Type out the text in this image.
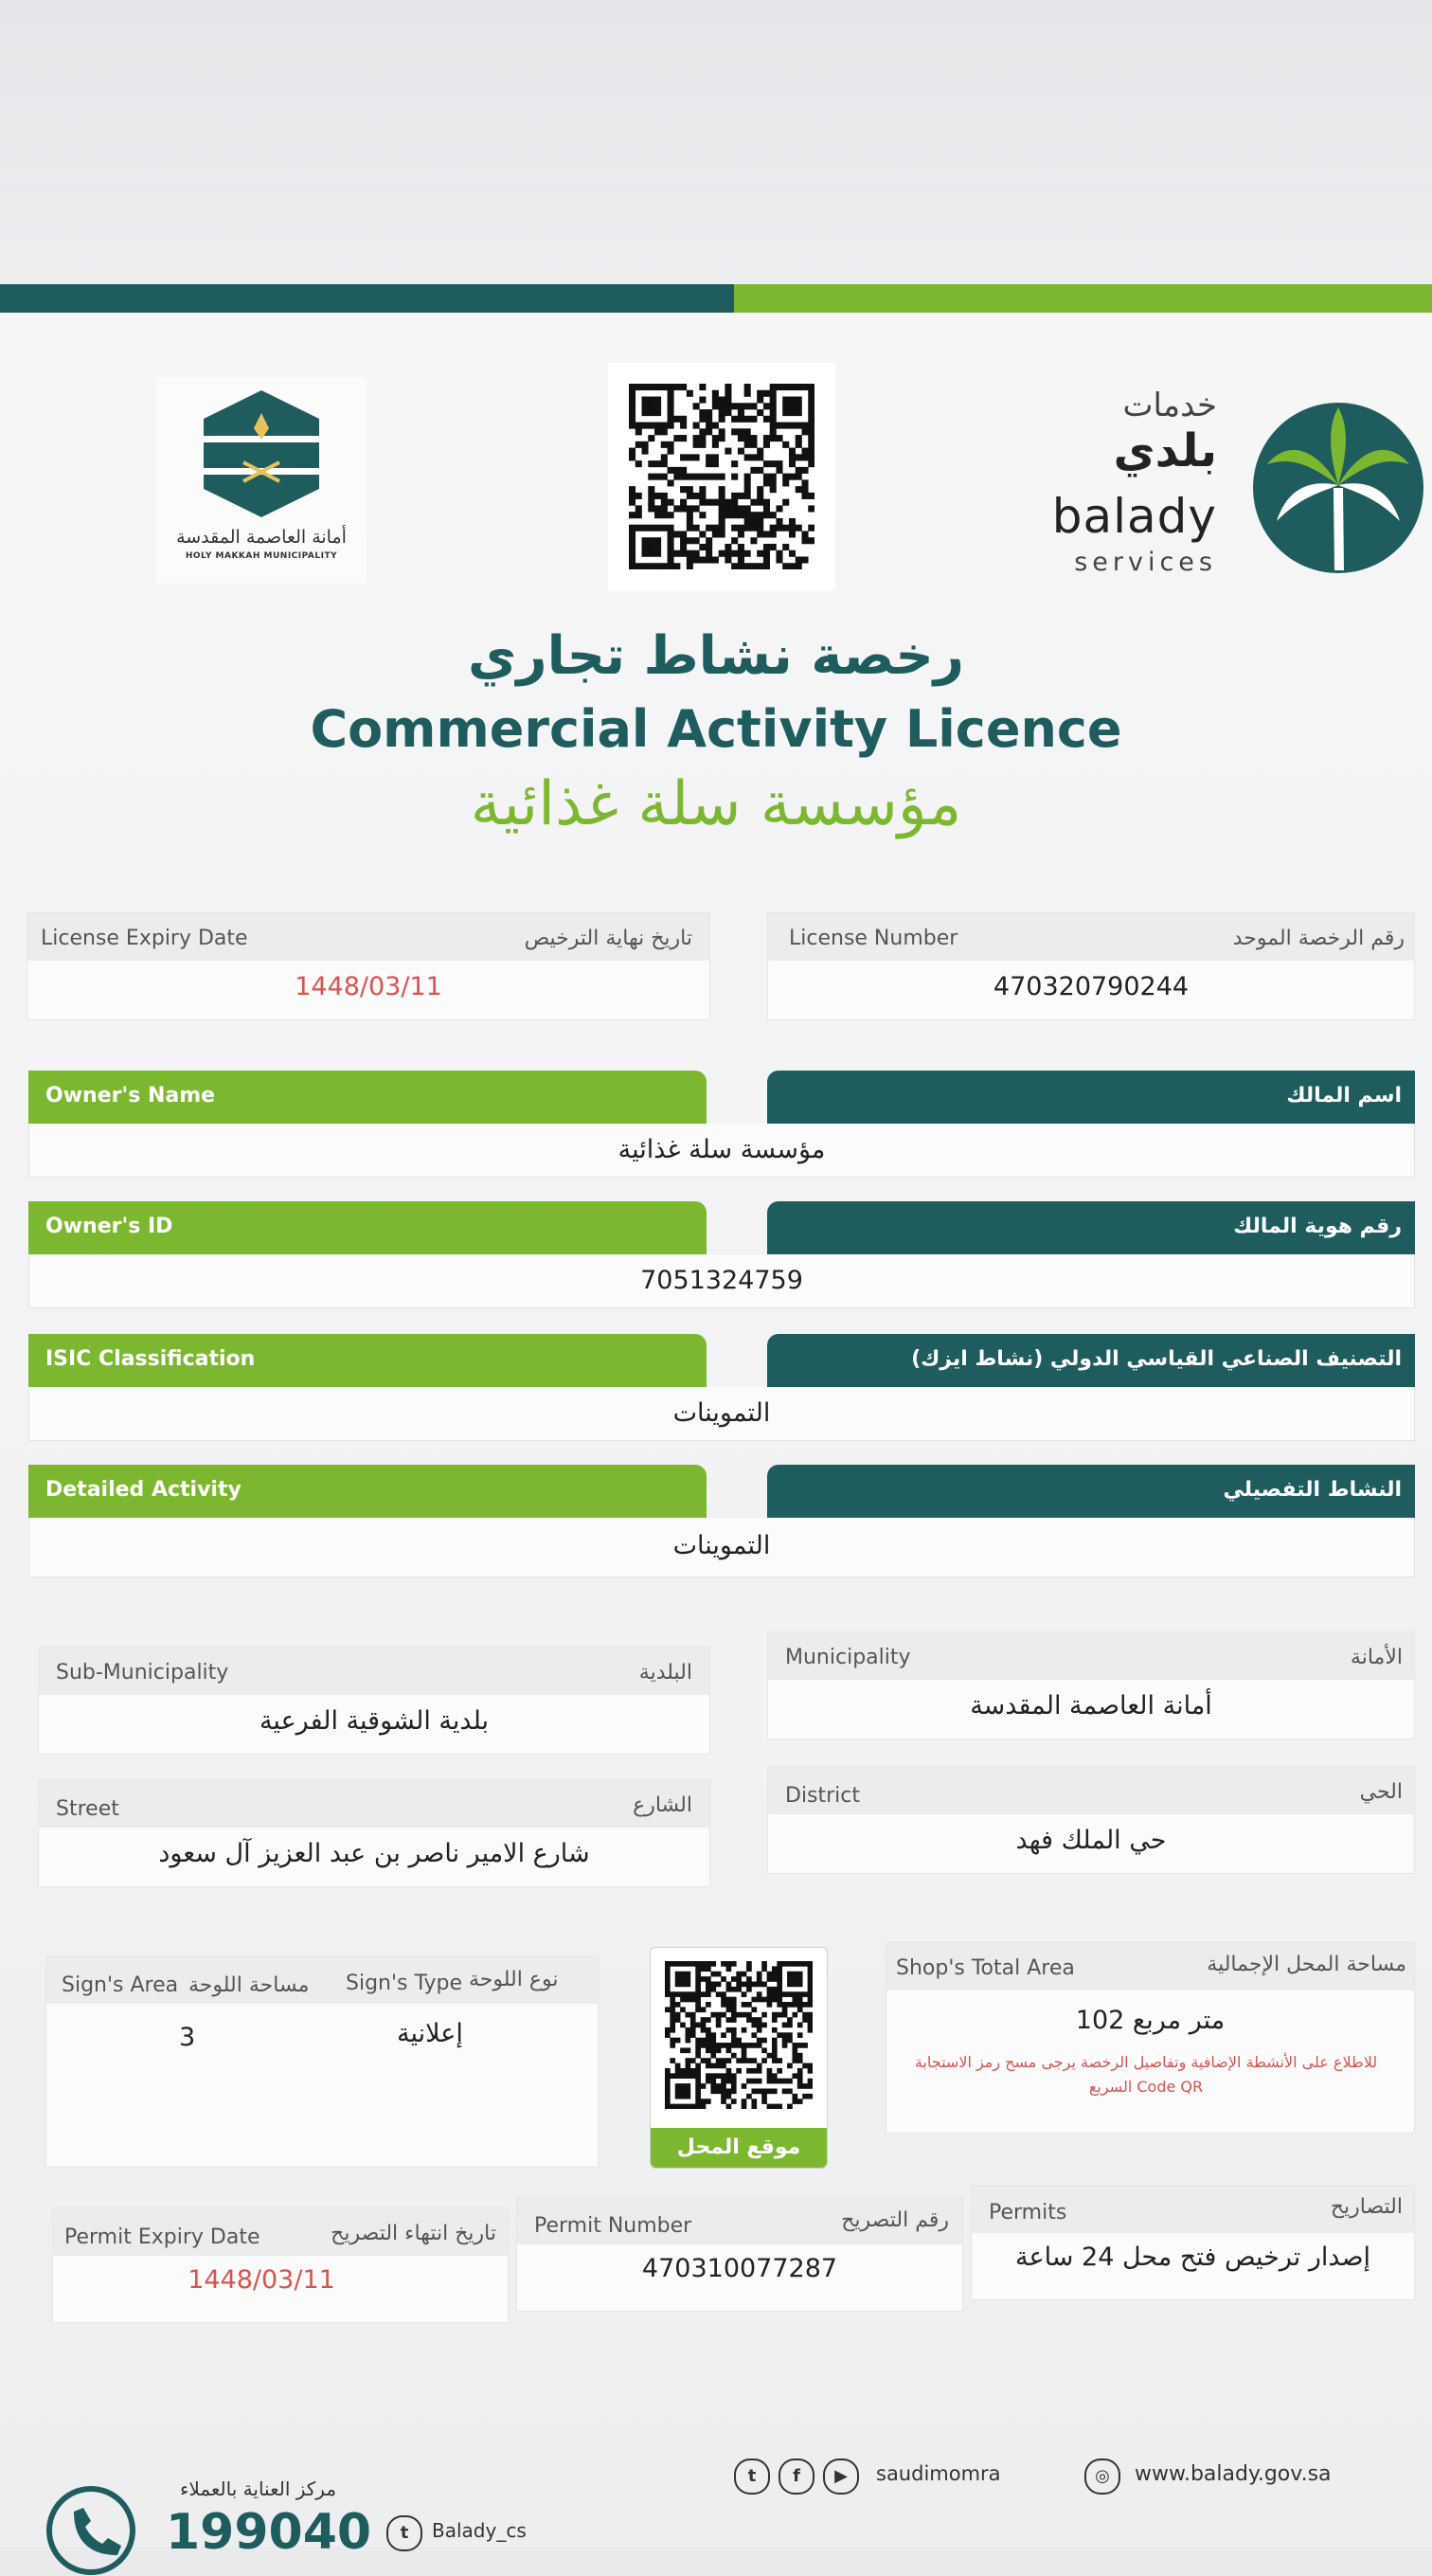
أمانة العاصمة المقدسة
HOLY MAKKAH MUNICIPALITY
خدمات
بلدي
balady
services
رخصة نشاط تجاري
Commercial Activity Licence
مؤسسة سلة غذائية
License Expiry Date	تاريخ نهاية الترخيص
1448/03/11
License Number	رقم الرخصة الموحد
470320790244
Owner's Name	اسم المالك
مؤسسة سلة غذائية
Owner's ID	رقم هوية المالك
7051324759
ISIC Classification	التصنيف الصناعي القياسي الدولي (نشاط ايزك)
التموينات
Detailed Activity	النشاط التفصيلي
التموينات
Sub-Municipality	البلدية
بلدية الشوقية الفرعية
Municipality	الأمانة
أمانة العاصمة المقدسة
Street	الشارع
شارع الامير ناصر بن عبد العزيز آل سعود
District	الحي
حي الملك فهد
Sign's Area مساحة اللوحة Sign's Type نوع اللوحة
3	إعلانية
موقع المحل
Shop's Total Area	مساحة المحل الإجمالية
102 متر مربع
للاطلاع على الأنشطة الإضافية وتفاصيل الرخصة يرجى مسح رمز الاستجابة
السريع Code QR
Permit Expiry Date	تاريخ انتهاء التصريح
1448/03/11
Permit Number	رقم التصريح
470310077287
Permits	التصاريح
إصدار ترخيص فتح محل 24 ساعة
مركز العناية بالعملاء
199040	t	Balady_cs
t	f	▶	saudimomra	◎	www.balady.gov.sa
